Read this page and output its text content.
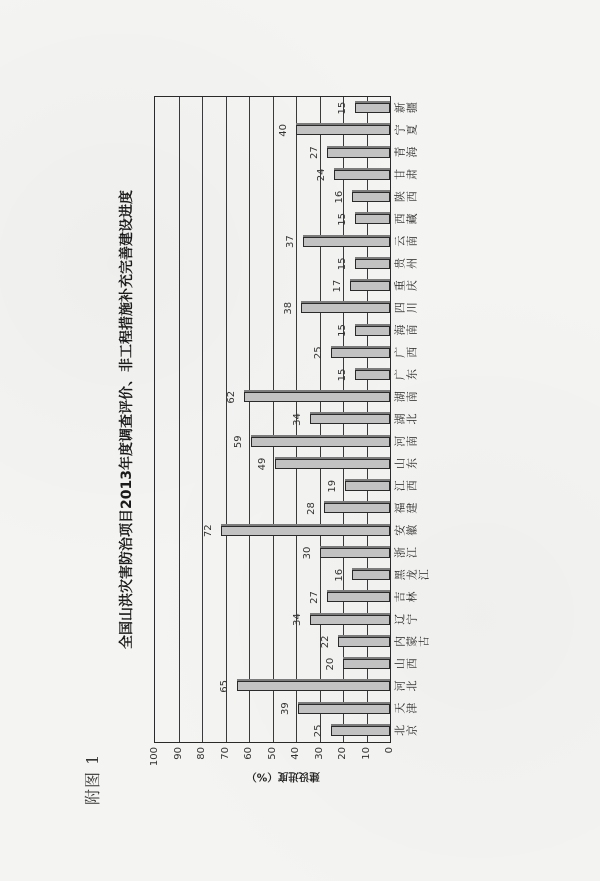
附图 1
全国山洪灾害防治项目2013年度调查评价、非工程措施补充完善建设进度
建设进度（%）
25
39
65
20
22
34
27
16
30
72
28
19
49
59
34
62
15
25
15
38
17
15
37
15
16
24
27
40
15
0
10
20
30
40
50
60
70
80
90
100
北京
天津
河北
山西
内蒙古
辽宁
吉林
黑龙江
浙江
安徽
福建
江西
山东
河南
湖北
湖南
广东
广西
海南
四川
重庆
贵州
云南
西藏
陕西
甘肃
青海
宁夏
新疆
